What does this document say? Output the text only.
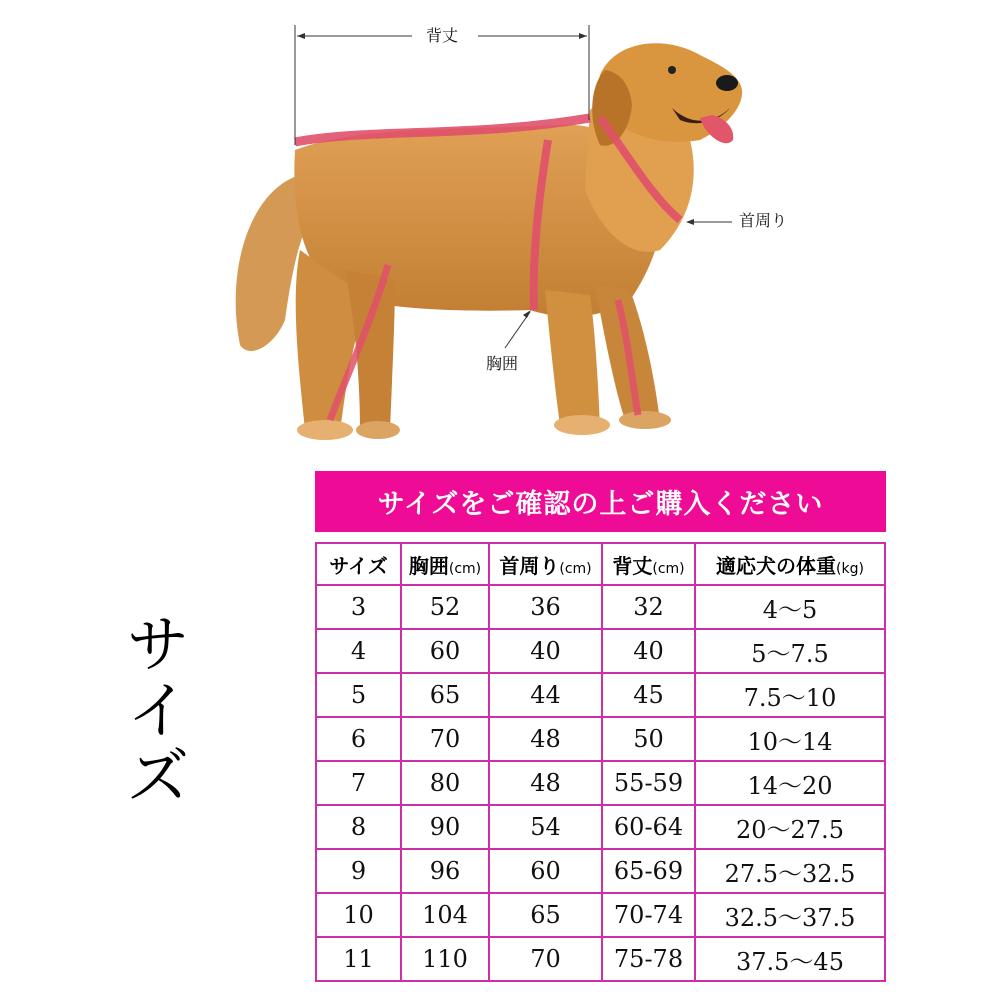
背丈
首周り
胸囲
サ
イ
ズ
サイズをご確認の上ご購入ください
サイズ	胸囲(cm)	首周り(cm)	背丈(cm)	適応犬の体重(kg)
3	52	36	32	4～5
4	60	40	40	5～7.5
5	65	44	45	7.5～10
6	70	48	50	10～14
7	80	48	55-59	14～20
8	90	54	60-64	20～27.5
9	96	60	65-69	27.5～32.5
10	104	65	70-74	32.5～37.5
11	110	70	75-78	37.5～45
